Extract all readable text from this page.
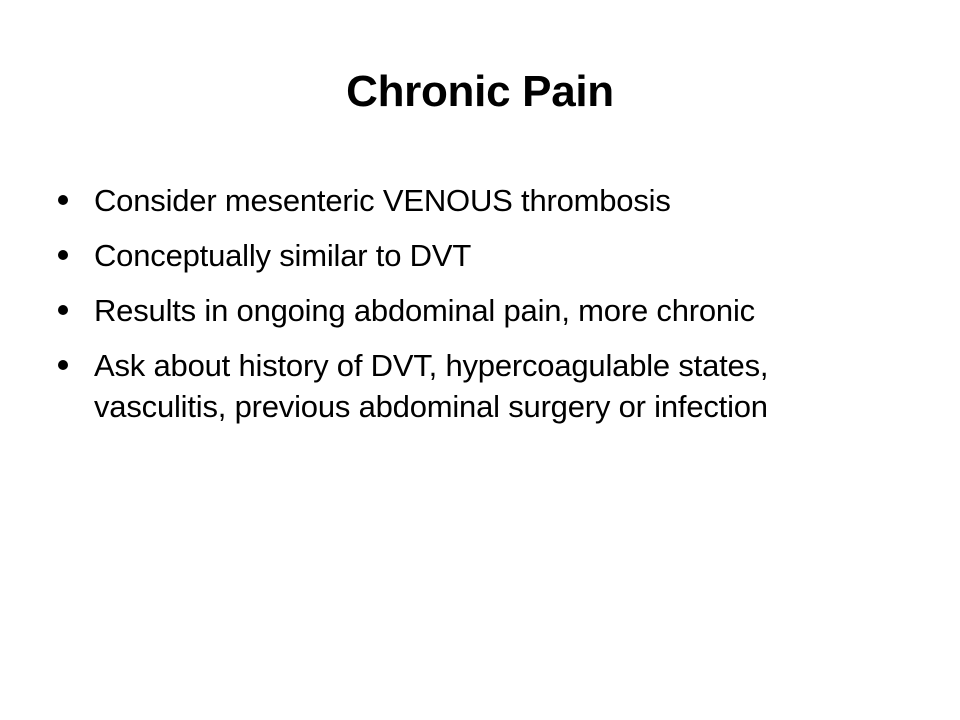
Chronic Pain
Consider mesenteric VENOUS thrombosis
Conceptually similar to DVT
Results in ongoing abdominal pain, more chronic
Ask about history of DVT, hypercoagulable states, vasculitis, previous abdominal surgery or infection
